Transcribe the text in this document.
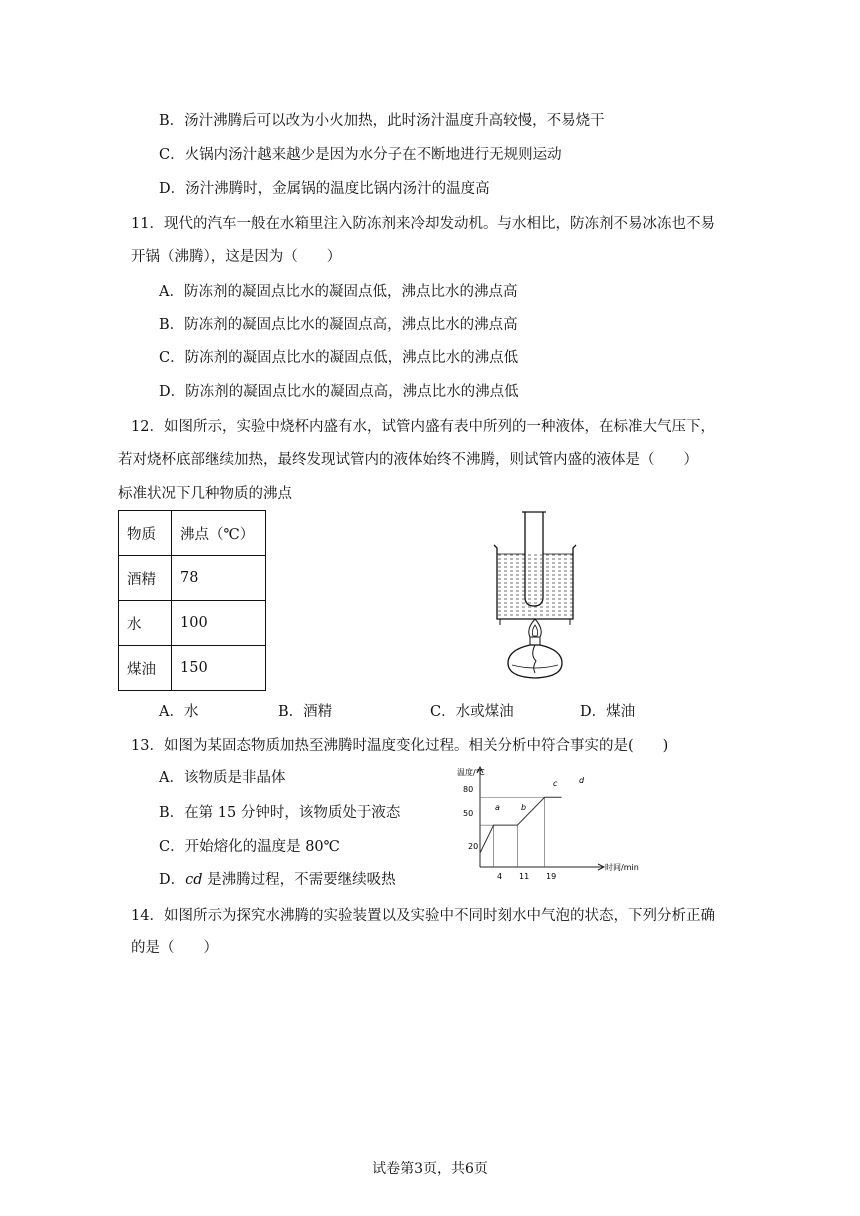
B．汤汁沸腾后可以改为小火加热，此时汤汁温度升高较慢，不易烧干
C．火锅内汤汁越来越少是因为水分子在不断地进行无规则运动
D．汤汁沸腾时，金属锅的温度比锅内汤汁的温度高
11．现代的汽车一般在水箱里注入防冻剂来冷却发动机。与水相比，防冻剂不易冰冻也不易
开锅（沸腾），这是因为（　　）
A．防冻剂的凝固点比水的凝固点低，沸点比水的沸点高
B．防冻剂的凝固点比水的凝固点高，沸点比水的沸点高
C．防冻剂的凝固点比水的凝固点低，沸点比水的沸点低
D．防冻剂的凝固点比水的凝固点高，沸点比水的沸点低
12．如图所示，实验中烧杯内盛有水，试管内盛有表中所列的一种液体，在标准大气压下，
若对烧杯底部继续加热，最终发现试管内的液体始终不沸腾，则试管内盛的液体是（　　）
标准状况下几种物质的沸点
物质	沸点（℃）
酒精	78
水	100
煤油	150
A．水	B．酒精	C．水或煤油	D．煤油
13．如图为某固态物质加热至沸腾时温度变化过程。相关分析中符合事实的是(　　)
A．该物质是非晶体
B．在第 15 分钟时，该物质处于液态
C．开始熔化的温度是 80℃
D．cd 是沸腾过程，不需要继续吸热
温度/℃
时间/min
80
50
20
4 11 19
a	b
c	d
14．如图所示为探究水沸腾的实验装置以及实验中不同时刻水中气泡的状态，下列分析正确
的是（　　）
试卷第3页，共6页
